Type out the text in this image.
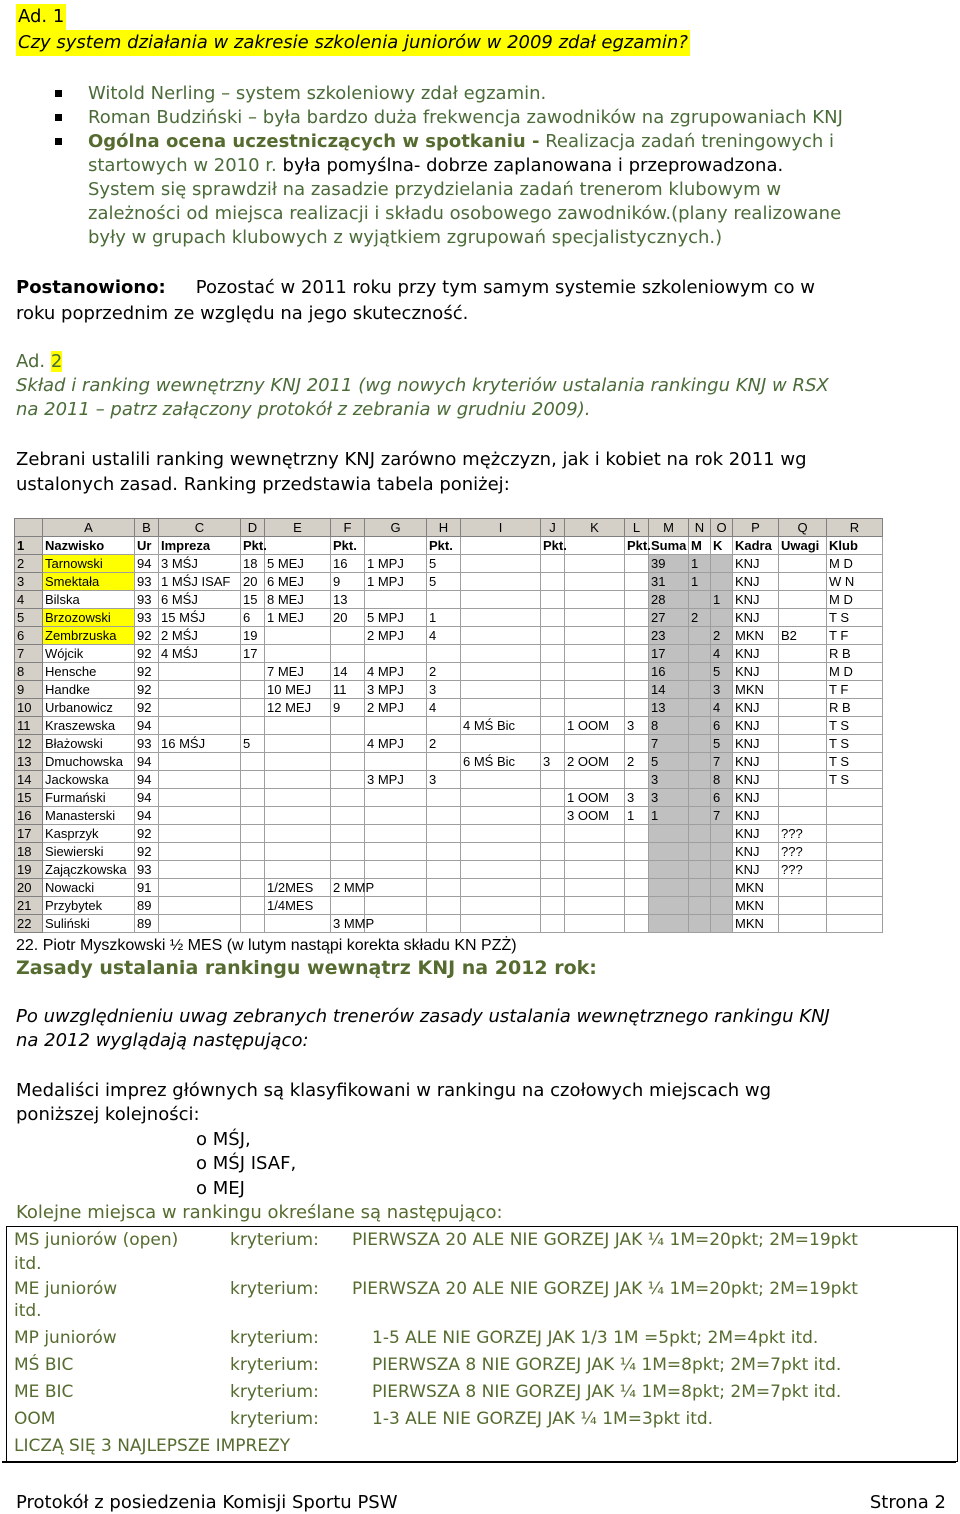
Ad. 1
Czy system działania w zakresie szkolenia juniorów w 2009 zdał egzamin?
Witold Nerling – system szkoleniowy zdał egzamin.
Roman Budziński – była bardzo duża frekwencja zawodników na zgrupowaniach KNJ
Ogólna ocena uczestniczących w spotkaniu - Realizacja zadań treningowych i
startowych w 2010 r. była pomyślna- dobrze zaplanowana i przeprowadzona.
System się sprawdził na zasadzie przydzielania zadań trenerom klubowym w
zależności od miejsca realizacji i składu osobowego zawodników.(plany realizowane
były w grupach klubowych z wyjątkiem zgrupowań specjalistycznych.)
Postanowiono: Pozostać w 2011 roku przy tym samym systemie szkoleniowym co w
roku poprzednim ze względu na jego skuteczność.
Ad. 2
Skład i ranking wewnętrzny KNJ 2011 (wg nowych kryteriów ustalania rankingu KNJ w RSX
na 2011 – patrz załączony protokół z zebrania w grudniu 2009).
Zebrani ustalili ranking wewnętrzny KNJ zarówno mężczyzn, jak i kobiet na rok 2011 wg
ustalonych zasad. Ranking przedstawia tabela poniżej:
	A	B	C	D	E	F	G	H	I	J	K	L	M	N	O	P	Q	R
1	Nazwisko	Ur	Impreza	Pkt.		Pkt.		Pkt.		Pkt.		Pkt.	Suma	M	K	Kadra	Uwagi	Klub
2	Tarnowski	94	3 MŚJ	18	5 MEJ	16	1 MPJ	5					39	1		KNJ		M D
3	Smektała	93	1 MŚJ ISAF	20	6 MEJ	9	1 MPJ	5					31	1		KNJ		W N
4	Bilska	93	6 MŚJ	15	8 MEJ	13							28		1	KNJ		M D
5	Brzozowski	93	15 MŚJ	6	1 MEJ	20	5 MPJ	1					27	2		KNJ		T S
6	Zembrzuska	92	2 MŚJ	19			2 MPJ	4					23		2	MKN	B2	T F
7	Wójcik	92	4 MŚJ	17									17		4	KNJ		R B
8	Hensche	92			7 MEJ	14	4 MPJ	2					16		5	KNJ		M D
9	Handke	92			10 MEJ	11	3 MPJ	3					14		3	MKN		T F
10	Urbanowicz	92			12 MEJ	9	2 MPJ	4					13		4	KNJ		R B
11	Kraszewska	94							4 MŚ Bic		1 OOM	3	8		6	KNJ		T S
12	Błażowski	93	16 MŚJ	5			4 MPJ	2					7		5	KNJ		T S
13	Dmuchowska	94							6 MŚ Bic	3	2 OOM	2	5		7	KNJ		T S
14	Jackowska	94					3 MPJ	3					3		8	KNJ		T S
15	Furmański	94									1 OOM	3	3		6	KNJ		
16	Manasterski	94									3 OOM	1	1		7	KNJ		
17	Kasprzyk	92														KNJ	???	
18	Siewierski	92														KNJ	???	
19	Zajączkowska	93														KNJ	???	
20	Nowacki	91			1/2MES	2 MMP										MKN		
21	Przybytek	89			1/4MES											MKN		
22	Suliński	89				3 MMP										MKN		
22. Piotr Myszkowski ½ MES (w lutym nastąpi korekta składu KN PZŻ)
Zasady ustalania rankingu wewnątrz KNJ na 2012 rok:
Po uwzględnieniu uwag zebranych trenerów zasady ustalania wewnętrznego rankingu KNJ
na 2012 wyglądają następująco:
Medaliści imprez głównych są klasyfikowani w rankingu na czołowych miejscach wg
poniższej kolejności:
o MŚJ,
o MŚJ ISAF,
o MEJ
Kolejne miejsca w rankingu określane są następująco:
MS juniorów (open)	kryterium: PIERWSZA 20 ALE NIE GORZEJ JAK ¼ 1M=20pkt; 2M=19pkt
itd.
ME juniorów	kryterium: PIERWSZA 20 ALE NIE GORZEJ JAK ¼ 1M=20pkt; 2M=19pkt
itd.
MP juniorów	kryterium:	1-5 ALE NIE GORZEJ JAK 1/3 1M =5pkt; 2M=4pkt itd.
MŚ BIC	kryterium:	PIERWSZA 8 NIE GORZEJ JAK ¼ 1M=8pkt; 2M=7pkt itd.
ME BIC	kryterium:	PIERWSZA 8 NIE GORZEJ JAK ¼ 1M=8pkt; 2M=7pkt itd.
OOM	kryterium:	1-3 ALE NIE GORZEJ JAK ¼ 1M=3pkt itd.
LICZĄ SIĘ 3 NAJLEPSZE IMPREZY
Protokół z posiedzenia Komisji Sportu PSW	Strona 2
